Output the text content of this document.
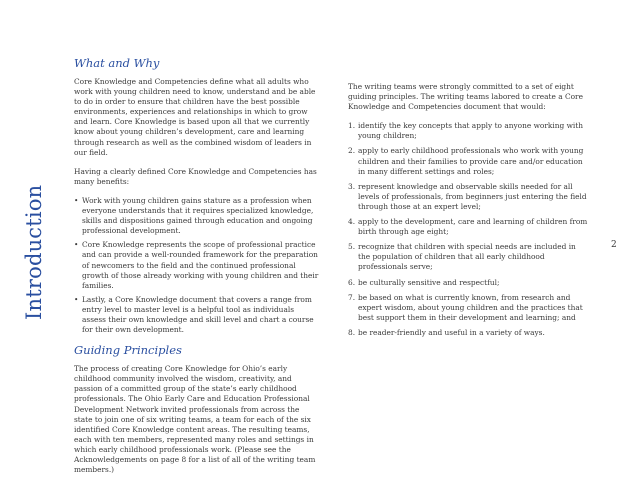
Introduction
What and Why

Core Knowledge and Competencies define what all adults who work with young children need to know, understand and be able to do in order to ensure that children have the best possible environments, experiences and relationships in which to grow and learn. Core Knowledge is based upon all that we currently know about young children’s development, care and learning through research as well as the combined wisdom of leaders in our field.

Having a clearly defined Core Knowledge and Competencies has many benefits:

• Work with young children gains stature as a profession when everyone understands that it requires specialized knowledge, skills and dispositions gained through education and ongoing professional development.
• Core Knowledge represents the scope of professional practice and can provide a well-rounded framework for the preparation of newcomers to the field and the continued professional growth of those already working with young children and their families.
• Lastly, a Core Knowledge document that covers a range from entry level to master level is a helpful tool as individuals assess their own knowledge and skill level and chart a course for their own development.
Guiding Principles

The process of creating Core Knowledge for Ohio’s early childhood community involved the wisdom, creativity, and passion of a committed group of the state’s early childhood professionals. The Ohio Early Care and Education Professional Development Network invited professionals from across the state to join one of six writing teams, a team for each of the six identified Core Knowledge content areas. The resulting teams, each with ten members, represented many roles and settings in which early childhood professionals work. (Please see the Acknowledgements on page 8 for a list of all of the writing team members.)

The writing teams were strongly committed to a set of eight guiding principles. The writing teams labored to create a Core Knowledge and Competencies document that would:

1. identify the key concepts that apply to anyone working with young children;
2. apply to early childhood professionals who work with young children and their families to provide care and/or education in many different settings and roles;
3. represent knowledge and observable skills needed for all levels of professionals, from beginners just entering the field through those at an expert level;
4. apply to the development, care and learning of children from birth through age eight;
5. recognize that children with special needs are included in the population of children that all early childhood professionals serve;
6. be culturally sensitive and respectful;
7. be based on what is currently known, from research and expert wisdom, about young children and the practices that best support them in their development and learning; and
8. be reader-friendly and useful in a variety of ways.
2
